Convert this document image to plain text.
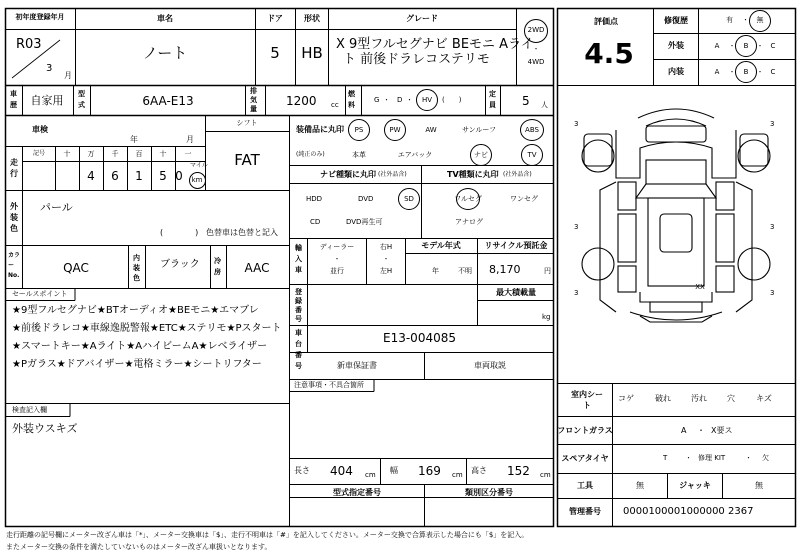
初年度登録年月
R03
3
月
車名
ノート
ドア
5
形状
HB
グレード
X 9型フルセグナビ BEモニ Aライ
ト 前後ドラレコステリモ
2WD
・
4WD
車歴 自家用 型式	6AA-E13
排気量
1200 cc
燃料
G ・ D ・ HV (　　)
定員 5 人
車検
年	月
シフト
FAT
走行
記号	十 万 千 百 十	一
4 6 1 5 0
マイル
km
外装色
パール
(　　　　) 色替車は色替と記入
カラーNo.
QAC
内装色
ブラック 冷房 AAC
セールスポイント
★9型フルセグナビ★BTオーディオ★BEモニ★エマブレ
★前後ドラレコ★車線逸脱警報★ETC★ステリモ★Pスタート
★スマートキー★Aライト★AハイビームA★レベライザー
★Pガラス★ドアバイザー★電格ミラー★シートリフター
検査記入欄
外装ウスキズ
装備品に丸印
(純正のみ)
PS	PW	AW	サンルーフ	ABS
本革	エアバック	ナビ	TV
ナビ種類に丸印 (社外品含)
HDD	DVD	SD
CD	DVD再生可
TV種類に丸印 (社外品含)
フルセグ	ワンセグ
アナログ
輸入車
ディーラー
・
並行
右H
・
左H
モデル年式
年	不明
リサイクル預託金
8,170	円
登録番号
最大積載量
kg
車台番号
E13-004085
新車保証書	車両取説
注意事項・不具合箇所
長さ 404 cm 幅 169 cm 高さ 152 cm
型式指定番号	類別区分番号
評価点
4.5
修復歴	有 ・ 無
外装	A ・ B ・ C
内装	A ・ B ・ C
3	3
3	3
3	3
XX
室内シート
コゲ	破れ	汚れ	穴	キズ
フロントガラス	A ・ X要ス
スペアタイヤ	T	・ 修理 KIT	・ 欠
工具	無	ジャッキ	無
管理番号 0000100001000000 2367
走行距離の記号欄にメーター改ざん車は「*」、メーター交換車は「$」、走行不明車は「#」を記入してください。メーター交換で合算表示した場合にも「$」を記入。
またメーター交換の条件を満たしていないものはメーター改ざん車扱いとなります。
